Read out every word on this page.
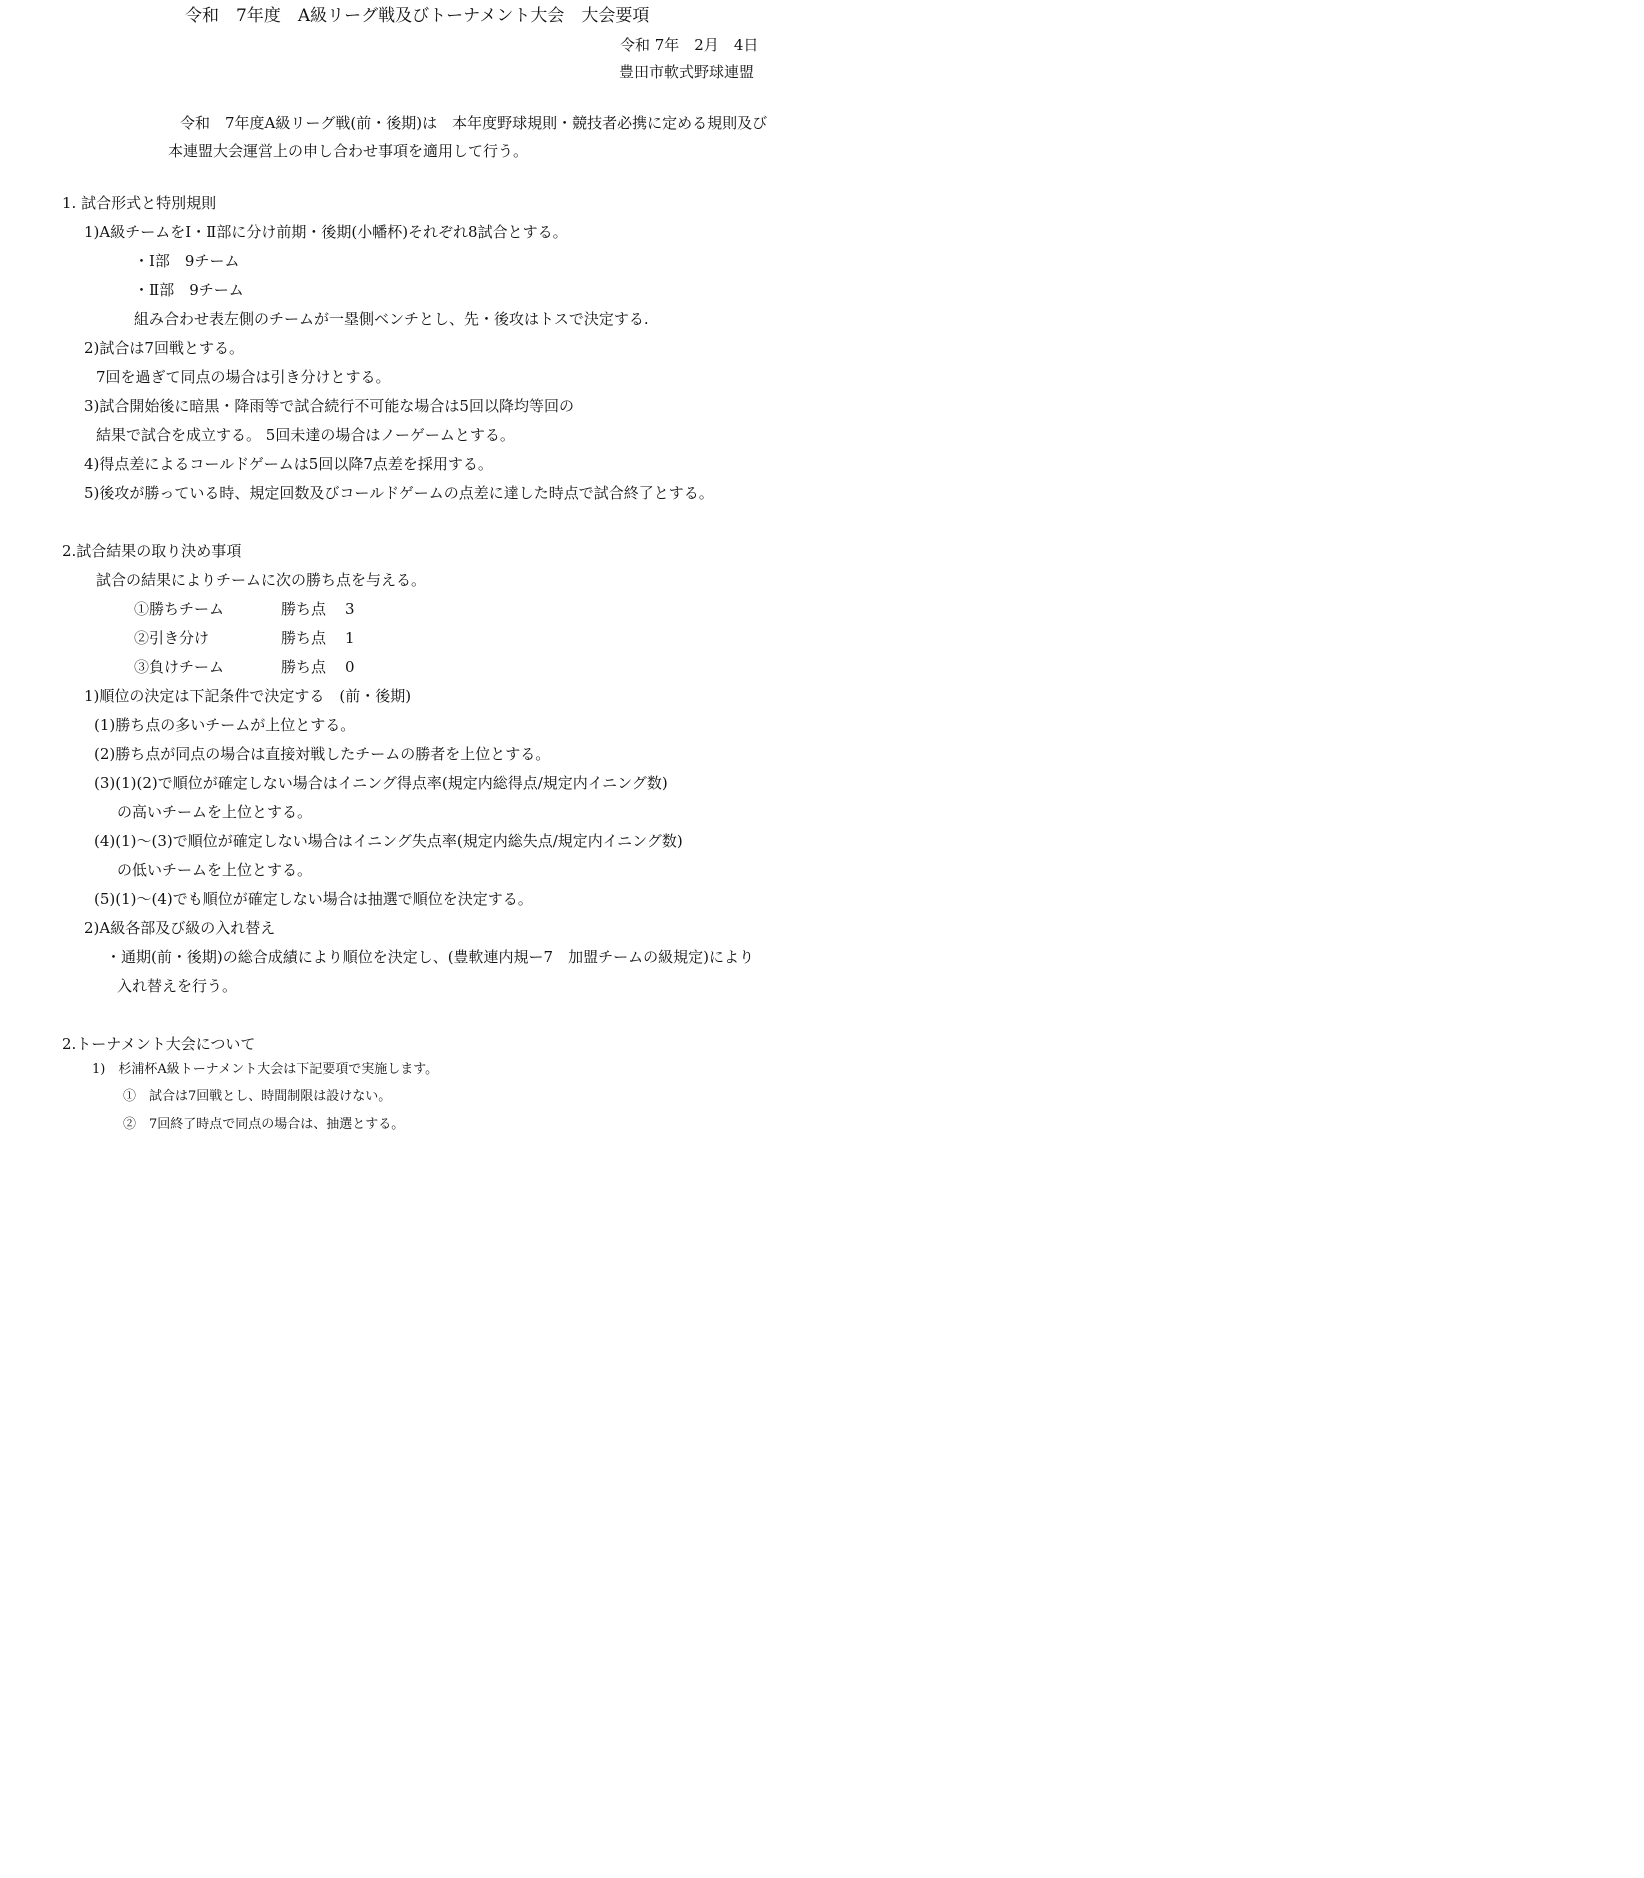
令和　7年度　A級リーグ戦及びトーナメント大会　大会要項
令和 7年　2月　4日
豊田市軟式野球連盟
令和　7年度A級リーグ戦(前・後期)は　本年度野球規則・競技者必携に定める規則及び
本連盟大会運営上の申し合わせ事項を適用して行う。
1. 試合形式と特別規則
1)A級チームをⅠ・Ⅱ部に分け前期・後期(小幡杯)それぞれ8試合とする。
・Ⅰ部　9チーム
・Ⅱ部　9チーム
組み合わせ表左側のチームが一塁側ベンチとし、先・後攻はトスで決定する.
2)試合は7回戦とする。
7回を過ぎて同点の場合は引き分けとする。
3)試合開始後に暗黒・降雨等で試合続行不可能な場合は5回以降均等回の
結果で試合を成立する。 5回未達の場合はノーゲームとする。
4)得点差によるコールドゲームは5回以降7点差を採用する。
5)後攻が勝っている時、規定回数及びコールドゲームの点差に達した時点で試合終了とする。
2.試合結果の取り決め事項
試合の結果によりチームに次の勝ち点を与える。
①勝ちチーム	勝ち点 3
②引き分け	勝ち点 1
③負けチーム	勝ち点 0
1)順位の決定は下記条件で決定する　(前・後期)
(1)勝ち点の多いチームが上位とする。
(2)勝ち点が同点の場合は直接対戦したチームの勝者を上位とする。
(3)(1)(2)で順位が確定しない場合はイニング得点率(規定内総得点/規定内イニング数)
の高いチームを上位とする。
(4)(1)～(3)で順位が確定しない場合はイニング失点率(規定内総失点/規定内イニング数)
の低いチームを上位とする。
(5)(1)～(4)でも順位が確定しない場合は抽選で順位を決定する。
2)A級各部及び級の入れ替え
・通期(前・後期)の総合成績により順位を決定し、(豊軟連内規ー7　加盟チームの級規定)により
入れ替えを行う。
2.トーナメント大会について
1)　杉浦杯A級トーナメント大会は下記要項で実施します。
①　試合は7回戦とし、時間制限は設けない。
②　7回終了時点で同点の場合は、抽選とする。
